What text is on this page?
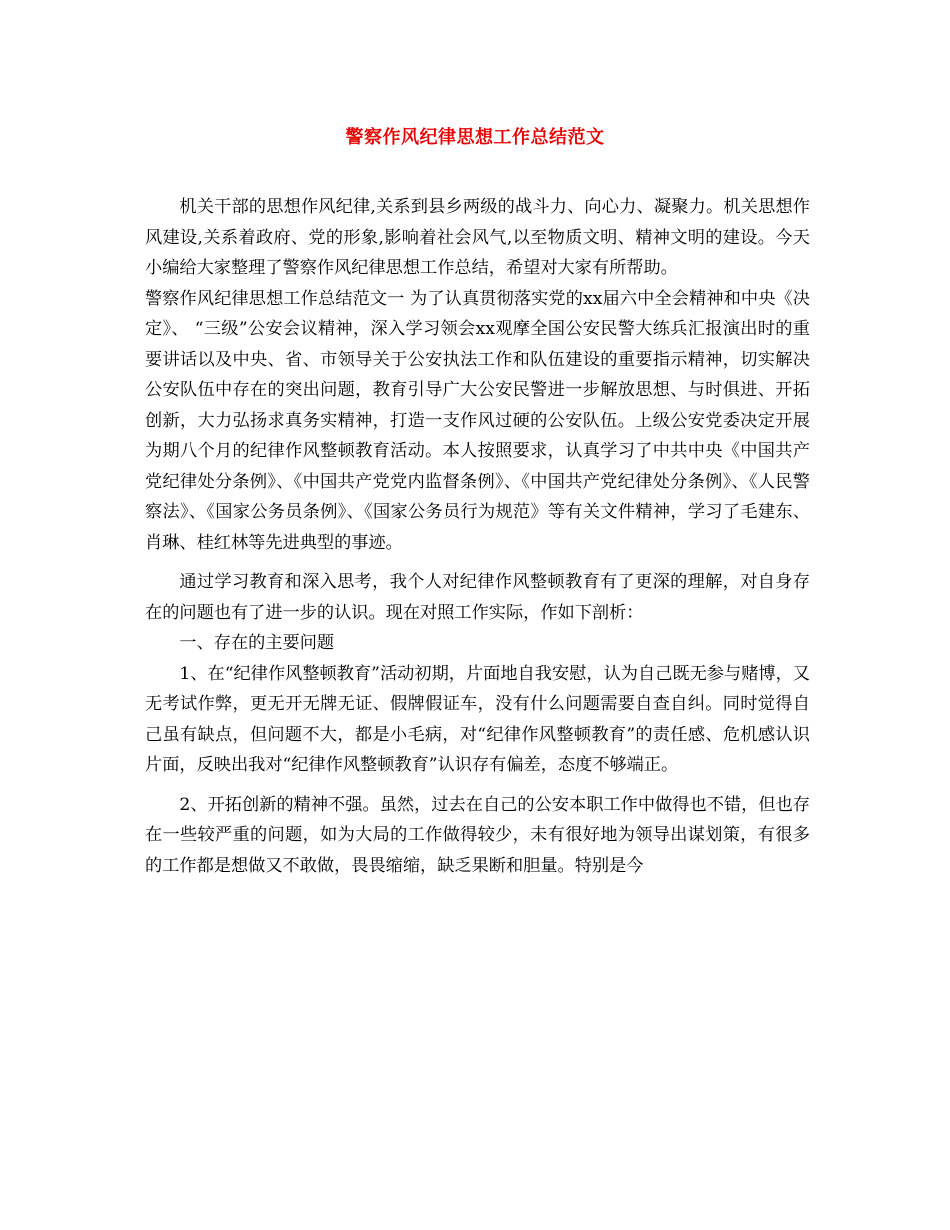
警察作风纪律思想工作总结范文

机关干部的思想作风纪律,关系到县乡两级的战斗力、向心力、凝聚力。机关思想作风建设,关系着政府、党的形象,影响着社会风气,以至物质文明、精神文明的建设。今天小编给大家整理了警察作风纪律思想工作总结，希望对大家有所帮助。

警察作风纪律思想工作总结范文一 为了认真贯彻落实党的xx届六中全会精神和中央《决定》、 “三级”公安会议精神，深入学习领会xx观摩全国公安民警大练兵汇报演出时的重要讲话以及中央、省、市领导关于公安执法工作和队伍建设的重要指示精神，切实解决公安队伍中存在的突出问题，教育引导广大公安民警进一步解放思想、与时俱进、开拓创新，大力弘扬求真务实精神，打造一支作风过硬的公安队伍。上级公安党委决定开展为期八个月的纪律作风整顿教育活动。本人按照要求，认真学习了中共中央《中国共产党纪律处分条例》、《中国共产党党内监督条例》、《中国共产党纪律处分条例》、《人民警察法》、《国家公务员条例》、《国家公务员行为规范》等有关文件精神，学习了毛建东、肖琳、桂红林等先进典型的事迹。

通过学习教育和深入思考，我个人对纪律作风整顿教育有了更深的理解，对自身存在的问题也有了进一步的认识。现在对照工作实际，作如下剖析：

一、存在的主要问题

1、在“纪律作风整顿教育”活动初期，片面地自我安慰，认为自己既无参与赌博，又无考试作弊，更无开无牌无证、假牌假证车，没有什么问题需要自查自纠。同时觉得自己虽有缺点，但问题不大，都是小毛病，对“纪律作风整顿教育”的责任感、危机感认识片面，反映出我对“纪律作风整顿教育”认识存有偏差，态度不够端正。

2、开拓创新的精神不强。虽然，过去在自己的公安本职工作中做得也不错，但也存在一些较严重的问题，如为大局的工作做得较少，未有很好地为领导出谋划策，有很多的工作都是想做又不敢做，畏畏缩缩，缺乏果断和胆量。特别是今
